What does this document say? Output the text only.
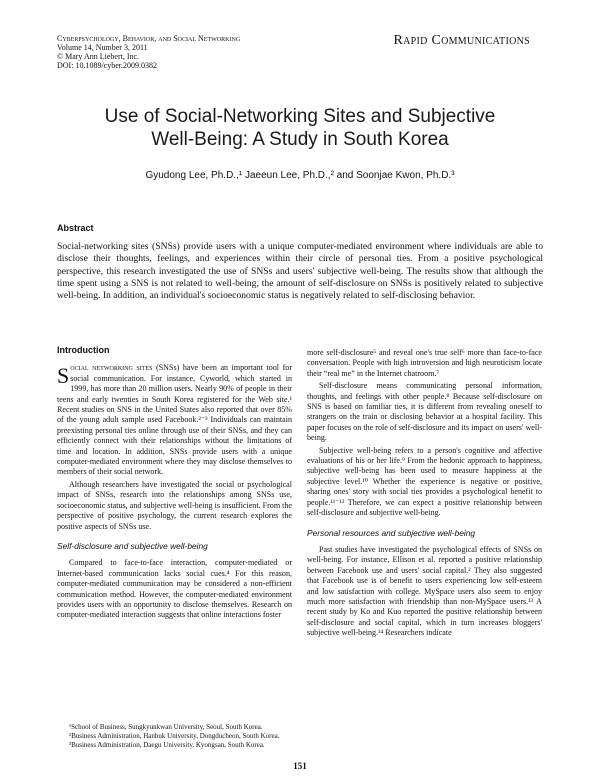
Cyberpsychology, Behavior, and Social Networking
Volume 14, Number 3, 2011
© Mary Ann Liebert, Inc.
DOI: 10.1089/cyber.2009.0382
Rapid Communications
Use of Social-Networking Sites and Subjective
Well-Being: A Study in South Korea
Gyudong Lee, Ph.D.,¹ Jaeeun Lee, Ph.D.,² and Soonjae Kwon, Ph.D.³
Abstract
Social-networking sites (SNSs) provide users with a unique computer-mediated environment where individuals are able to disclose their thoughts, feelings, and experiences within their circle of personal ties. From a positive psychological perspective, this research investigated the use of SNSs and users' subjective well-being. The results show that although the time spent using a SNS is not related to well-being, the amount of self-disclosure on SNSs is positively related to subjective well-being. In addition, an individual's socioeconomic status is negatively related to self-disclosing behavior.
Introduction

Social networking sites (SNSs) have been an important tool for social communication. For instance, Cyworld, which started in 1999, has more than 20 million users. Nearly 90% of people in their teens and early twenties in South Korea registered for the Web site.¹ Recent studies on SNS in the United States also reported that over 85% of the young adult sample used Facebook.²⁻³ Individuals can maintain preexisting personal ties online through use of their SNSs, and they can efficiently connect with their relationships without the limitations of time and location. In addition, SNSs provide users with a unique computer-mediated environment where they may disclose themselves to members of their social network.

Although researchers have investigated the social or psychological impact of SNSs, research into the relationships among SNSs use, socioeconomic status, and subjective well-being is insufficient. From the perspective of positive psychology, the current research explores the positive aspects of SNSs use.

Self-disclosure and subjective well-being

Compared to face-to-face interaction, computer-mediated or Internet-based communication lacks social cues.⁴ For this reason, computer-mediated communication may be considered a non-efficient communication method. However, the computer-mediated environment provides users with an opportunity to disclose themselves. Research on computer-mediated interaction suggests that online interactions foster

more self-disclosure⁵ and reveal one's true self⁶ more than face-to-face conversation. People with high introversion and high neuroticism locate their “real me” in the Internet chatroom.⁷

Self-disclosure means communicating personal information, thoughts, and feelings with other people.⁸ Because self-disclosure on SNS is based on familiar ties, it is different from revealing oneself to strangers on the train or disclosing behavior at a hospital facility. This paper focuses on the role of self-disclosure and its impact on users' well-being.

Subjective well-being refers to a person's cognitive and affective evaluations of his or her life.⁹ From the hedonic approach to happiness, subjective well-being has been used to measure happiness at the subjective level.¹⁰ Whether the experience is negative or positive, sharing ones' story with social ties provides a psychological benefit to people.¹¹⁻¹² Therefore, we can expect a positive relationship between self-disclosure and subjective well-being.

Personal resources and subjective well-being

Past studies have investigated the psychological effects of SNSs on well-being. For instance, Ellison et al. reported a positive relationship between Facebook use and users' social capital.² They also suggested that Facebook use is of benefit to users experiencing low self-esteem and low satisfaction with college. MySpace users also seem to enjoy much more satisfaction with friendship than non-MySpace users.¹³ A recent study by Ko and Kuo reported the positive relationship between self-disclosure and social capital, which in turn increases bloggers' subjective well-being.¹⁴ Researchers indicate

¹School of Business, Sungkyunkwan University, Seoul, South Korea.
²Business Administration, Hanbuk University, Dongducheon, South Korea.
³Business Administration, Daegu University, Kyongsan, South Korea.
151
